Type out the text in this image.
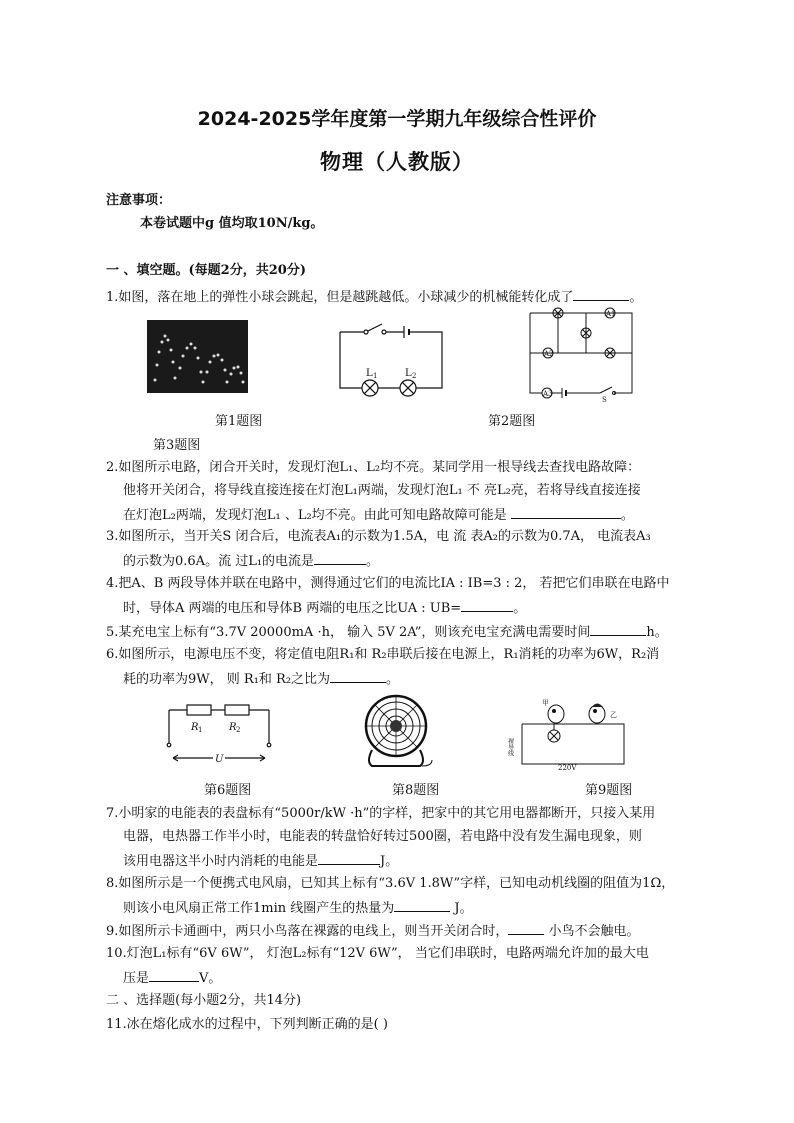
2024-2025学年度第一学期九年级综合性评价
物理（人教版）
注意事项：
本卷试题中g 值均取10N/kg。
一 、填空题。(每题2分，共20分)
1.如图，落在地上的弹性小球会跳起，但是越跳越低。小球减少的机械能转化成了	。
L 1	L 2
A1
A2
A3
S
第1题图	第2题图
第3题图
2.如图所示电路，闭合开关时，发现灯泡L₁、L₂均不亮。某同学用一根导线去查找电路故障：
他将开关闭合，将导线直接连接在灯泡L₁两端，发现灯泡L₁ 不 亮L₂亮，若将导线直接连接
在灯泡L₂两端，发现灯泡L₁ 、L₂均不亮。由此可知电路故障可能是	。
3.如图所示，当开关S 闭合后，电流表A₁的示数为1.5A，电 流 表A₂的示数为0.7A， 电流表A₃
的示数为0.6A。流 过L₁的电流是	。
4.把A、B 两段导体并联在电路中，测得通过它们的电流比IA : IB=3 : 2， 若把它们串联在电路中
时，导体A 两端的电压和导体B 两端的电压之比UA : UB=	。
5.某充电宝上标有“3.7V 20000mA ·h， 输入 5V 2A”，则该充电宝充满电需要时间	h。
6.如图所示，电源电压不变，将定值电阻R₁和 R₂串联后接在电源上，R₁消耗的功率为6W，R₂消
耗的功率为9W， 则 R₁和 R₂之比为	。
R 1	R 2
U
甲
乙
裸导线
220V
第6题图	第8题图	第9题图
7.小明家的电能表的表盘标有“5000r/kW ·h”的字样，把家中的其它用电器都断开，只接入某用
电器，电热器工作半小时，电能表的转盘恰好转过500圈，若电路中没有发生漏电现象，则
该用电器这半小时内消耗的电能是	J。
8.如图所示是一个便携式电风扇，已知其上标有“3.6V 1.8W”字样，已知电动机线圈的阻值为1Ω，
则该小电风扇正常工作1min 线圈产生的热量为	J。
9.如图所示卡通画中，两只小鸟落在裸露的电线上，则当开关闭合时，	小鸟不会触电。
10.灯泡L₁标有“6V 6W”， 灯泡L₂标有“12V 6W”， 当它们串联时，电路两端允许加的最大电
压是	V。
二 、选择题(每小题2分，共14分)
11.冰在熔化成水的过程中，下列判断正确的是( )
